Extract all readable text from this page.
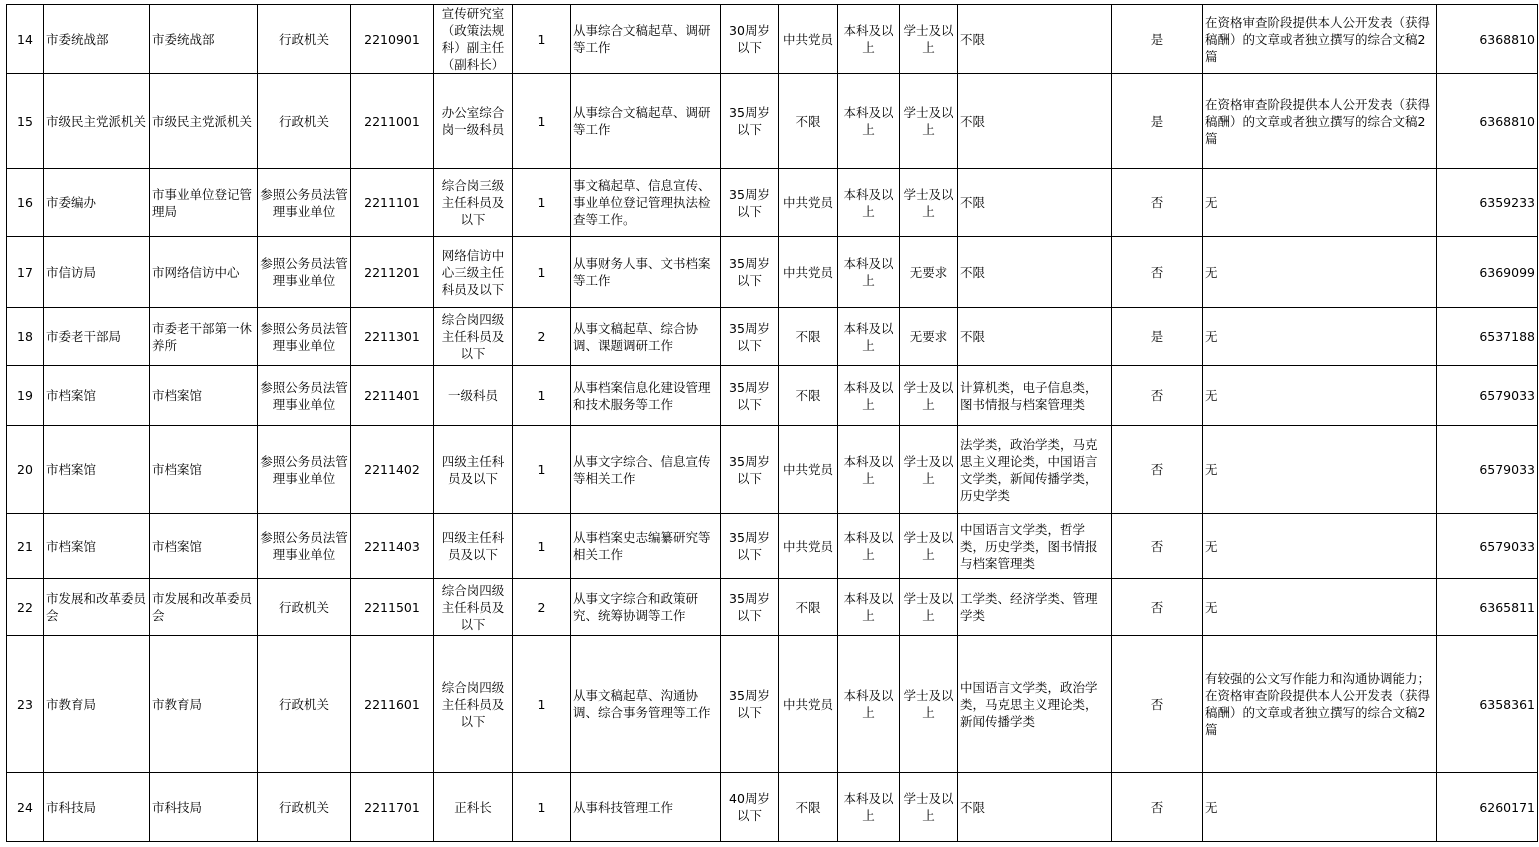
14	市委统战部	市委统战部	行政机关	2210901	宣传研究室（政策法规科）副主任（副科长）	1	从事综合文稿起草、调研等工作	30周岁以下	中共党员	本科及以上	学士及以上	不限	是	在资格审查阶段提供本人公开发表（获得稿酬）的文章或者独立撰写的综合文稿2篇	6368810
15	市级民主党派机关	市级民主党派机关	行政机关	2211001	办公室综合岗一级科员	1	从事综合文稿起草、调研等工作	35周岁以下	不限	本科及以上	学士及以上	不限	是	在资格审查阶段提供本人公开发表（获得稿酬）的文章或者独立撰写的综合文稿2篇	6368810
16	市委编办	市事业单位登记管理局	参照公务员法管理事业单位	2211101	综合岗三级主任科员及以下	1	事文稿起草、信息宣传、事业单位登记管理执法检查等工作。	35周岁以下	中共党员	本科及以上	学士及以上	不限	否	无	6359233
17	市信访局	市网络信访中心	参照公务员法管理事业单位	2211201	网络信访中心三级主任科员及以下	1	从事财务人事、文书档案等工作	35周岁以下	中共党员	本科及以上	无要求	不限	否	无	6369099
18	市委老干部局	市委老干部第一休养所	参照公务员法管理事业单位	2211301	综合岗四级主任科员及以下	2	从事文稿起草、综合协调、课题调研工作	35周岁以下	不限	本科及以上	无要求	不限	是	无	6537188
19	市档案馆	市档案馆	参照公务员法管理事业单位	2211401	一级科员	1	从事档案信息化建设管理和技术服务等工作	35周岁以下	不限	本科及以上	学士及以上	计算机类，电子信息类，图书情报与档案管理类	否	无	6579033
20	市档案馆	市档案馆	参照公务员法管理事业单位	2211402	四级主任科员及以下	1	从事文字综合、信息宣传等相关工作	35周岁以下	中共党员	本科及以上	学士及以上	法学类，政治学类，马克思主义理论类，中国语言文学类，新闻传播学类，历史学类	否	无	6579033
21	市档案馆	市档案馆	参照公务员法管理事业单位	2211403	四级主任科员及以下	1	从事档案史志编纂研究等相关工作	35周岁以下	中共党员	本科及以上	学士及以上	中国语言文学类，哲学类，历史学类，图书情报与档案管理类	否	无	6579033
22	市发展和改革委员会	市发展和改革委员会	行政机关	2211501	综合岗四级主任科员及以下	2	从事文字综合和政策研究、统筹协调等工作	35周岁以下	不限	本科及以上	学士及以上	工学类、经济学类、管理学类	否	无	6365811
23	市教育局	市教育局	行政机关	2211601	综合岗四级主任科员及以下	1	从事文稿起草、沟通协调、综合事务管理等工作	35周岁以下	中共党员	本科及以上	学士及以上	中国语言文学类，政治学类，马克思主义理论类，新闻传播学类	否	有较强的公文写作能力和沟通协调能力；在资格审查阶段提供本人公开发表（获得稿酬）的文章或者独立撰写的综合文稿2篇	6358361
24	市科技局	市科技局	行政机关	2211701	正科长	1	从事科技管理工作	40周岁以下	不限	本科及以上	学士及以上	不限	否	无	6260171
